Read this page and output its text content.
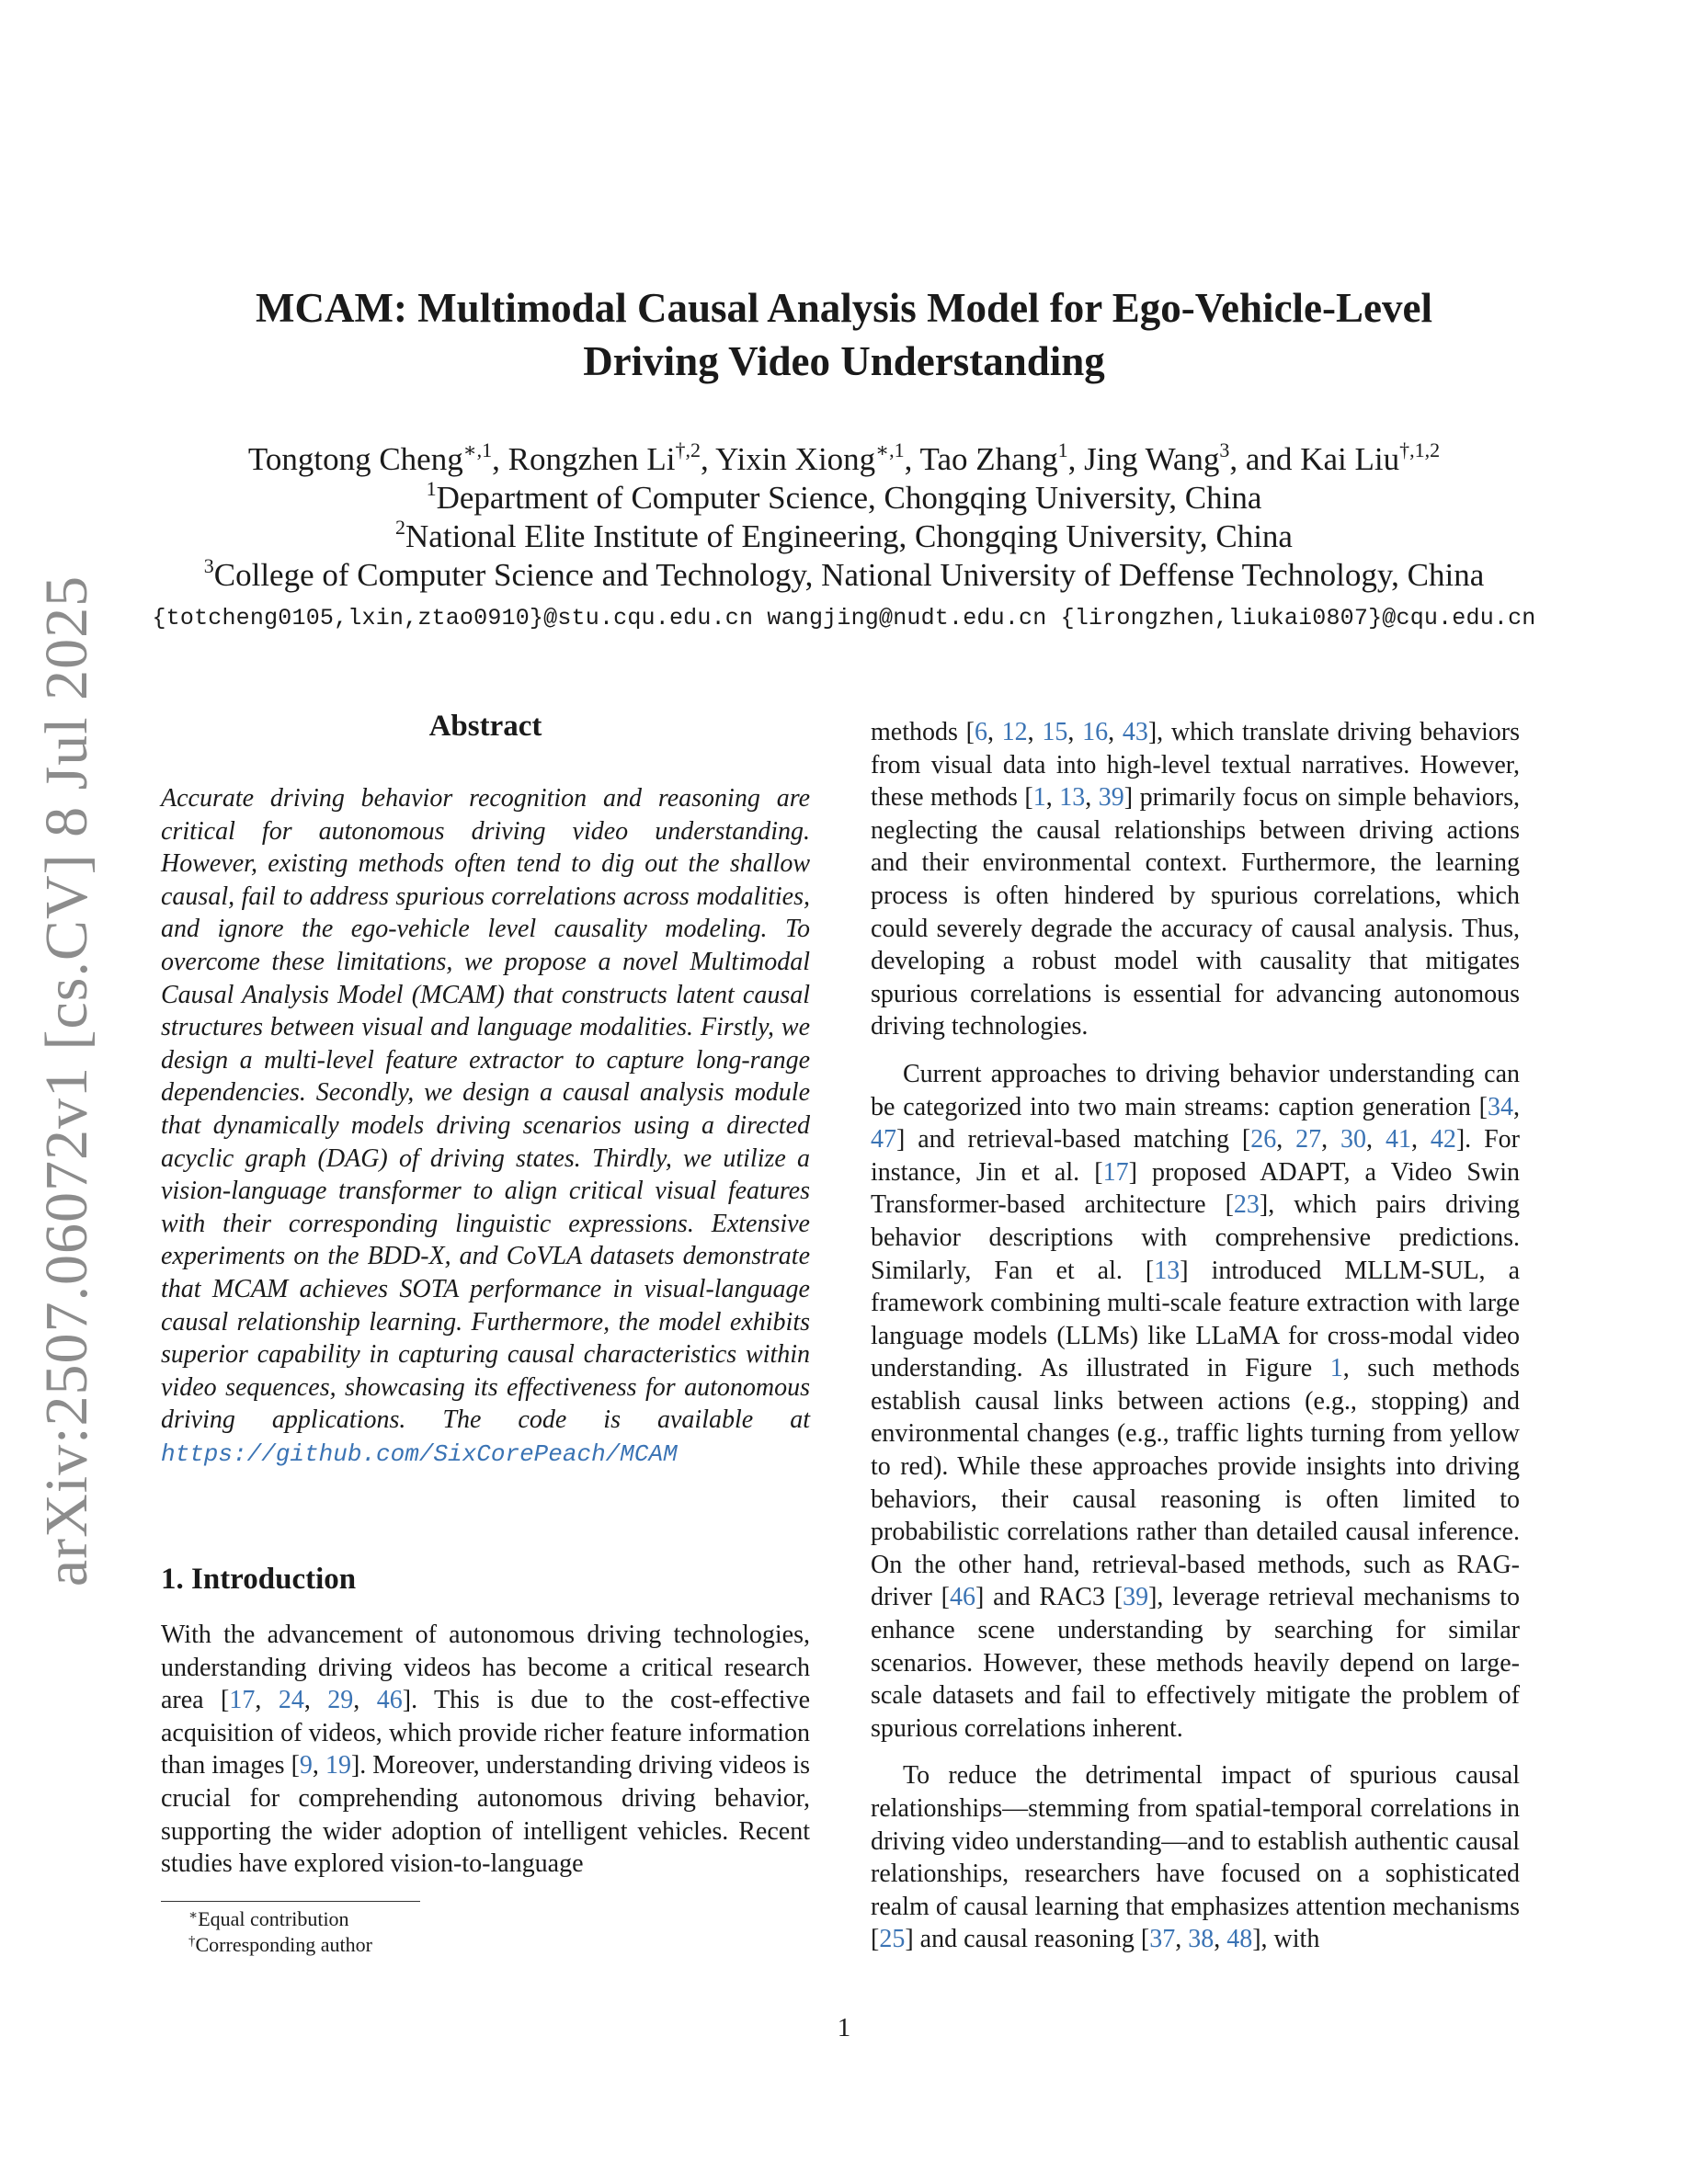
arXiv:2507.06072v1 [cs.CV] 8 Jul 2025
MCAM: Multimodal Causal Analysis Model for Ego-Vehicle-Level
Driving Video Understanding
Tongtong Cheng$^{∗,1}$, Rongzhen $Li^{\dagger,2}$, Yixin Xiong$^{∗,1}$, Tao Zhang$^1$, Jing Wang$^3$, and Kai Liu$^{\dagger,1,2}$
$^1$Department of Computer Science, Chongqing University, China
$^2$National Elite Institute of Engineering, Chongqing University, China
$^3$College of Computer Science and Technology, National University of Deffense Technology, China
{totcheng0105,lxin,ztao0910}@stu.cqu.edu.cn wangjing@nudt.edu.cn {lirongzhen,liukai0807}@cqu.edu.cn
Abstract
Accurate driving behavior recognition and reasoning are critical for autonomous driving video understanding. However, existing methods often tend to dig out the shallow causal, fail to address spurious correlations across modalities, and ignore the ego-vehicle level causality modeling. To overcome these limitations, we propose a novel Multimodal Causal Analysis Model (MCAM) that constructs latent causal structures between visual and language modalities. Firstly, we design a multi-level feature extractor to capture long-range dependencies. Secondly, we design a causal analysis module that dynamically models driving scenarios using a directed acyclic graph (DAG) of driving states. Thirdly, we utilize a vision-language transformer to align critical visual features with their corresponding linguistic expressions. Extensive experiments on the BDD-X, and CoVLA datasets demonstrate that MCAM achieves SOTA performance in visual-language causal relationship learning. Furthermore, the model exhibits superior capability in capturing causal characteristics within video sequences, showcasing its effectiveness for autonomous driving applications. The code is available at https://github.com/SixCorePeach/MCAM
1. Introduction

With the advancement of autonomous driving technologies, understanding driving videos has become a critical research area [17, 24, 29, 46]. This is due to the cost-effective acquisition of videos, which provide richer feature information than images [9, 19]. Moreover, understanding driving videos is crucial for comprehending autonomous driving behavior, supporting the wider adoption of intelligent vehicles. Recent studies have explored vision-to-language

methods [6, 12, 15, 16, 43], which translate driving behaviors from visual data into high-level textual narratives. However, these methods [1, 13, 39] primarily focus on simple behaviors, neglecting the causal relationships between driving actions and their environmental context. Furthermore, the learning process is often hindered by spurious correlations, which could severely degrade the accuracy of causal analysis. Thus, developing a robust model with causality that mitigates spurious correlations is essential for advancing autonomous driving technologies.

Current approaches to driving behavior understanding can be categorized into two main streams: caption generation [34, 47] and retrieval-based matching [26, 27, 30, 41, 42]. For instance, Jin et al. [17] proposed ADAPT, a Video Swin Transformer-based architecture [23], which pairs driving behavior descriptions with comprehensive predictions. Similarly, Fan et al. [13] introduced MLLM-SUL, a framework combining multi-scale feature extraction with large language models (LLMs) like LLaMA for cross-modal video understanding. As illustrated in Figure 1, such methods establish causal links between actions (e.g., stopping) and environmental changes (e.g., traffic lights turning from yellow to red). While these approaches provide insights into driving behaviors, their causal reasoning is often limited to probabilistic correlations rather than detailed causal inference. On the other hand, retrieval-based methods, such as RAG-driver [46] and RAC3 [39], leverage retrieval mechanisms to enhance scene understanding by searching for similar scenarios. However, these methods heavily depend on large-scale datasets and fail to effectively mitigate the problem of spurious correlations inherent.

To reduce the detrimental impact of spurious causal relationships—stemming from spatial-temporal correlations in driving video understanding—and to establish authentic causal relationships, researchers have focused on a sophisticated realm of causal learning that emphasizes attention mechanisms [25] and causal reasoning [37, 38, 48], with

∗Equal contribution
†Corresponding author
1
